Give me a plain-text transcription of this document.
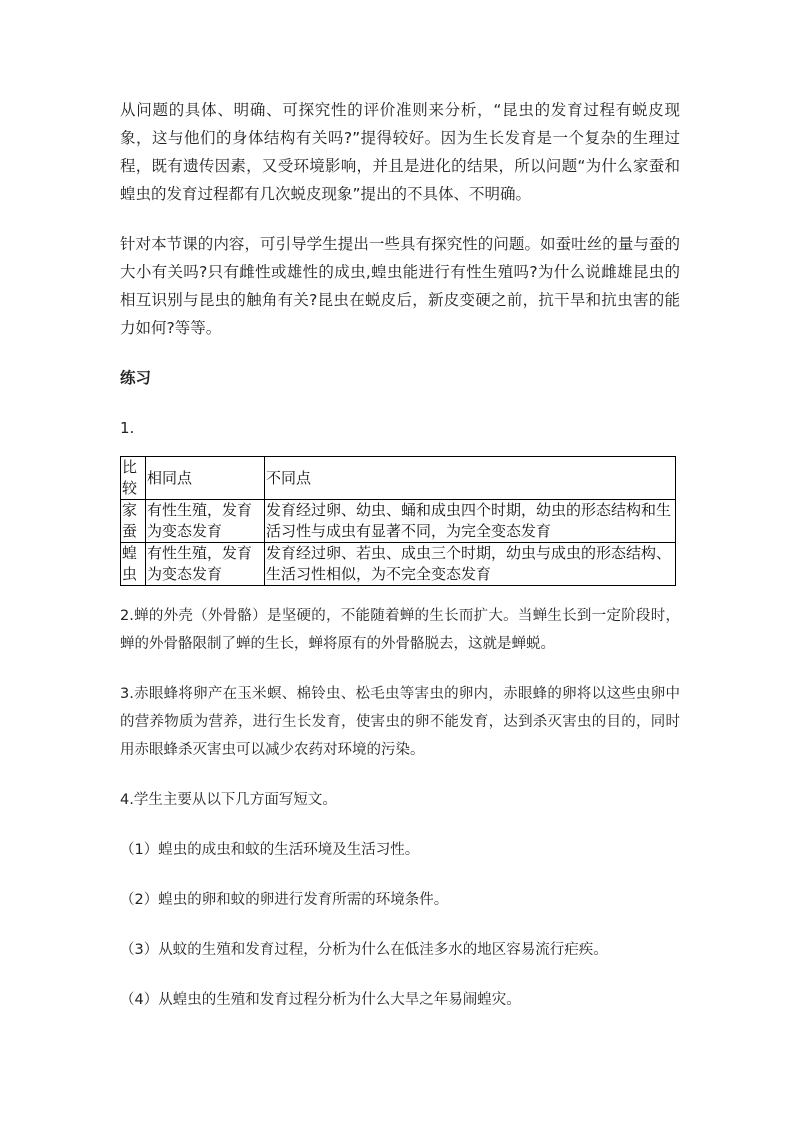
从问题的具体、明确、可探究性的评价准则来分析，“昆虫的发育过程有蜕皮现象，这与他们的身体结构有关吗?”提得较好。因为生长发育是一个复杂的生理过程，既有遗传因素，又受环境影响，并且是进化的结果，所以问题“为什么家蚕和蝗虫的发育过程都有几次蜕皮现象”提出的不具体、不明确。

针对本节课的内容，可引导学生提出一些具有探究性的问题。如蚕吐丝的量与蚕的大小有关吗?只有雌性或雄性的成虫,蝗虫能进行有性生殖吗?为什么说雌雄昆虫的相互识别与昆虫的触角有关?昆虫在蜕皮后，新皮变硬之前，抗干旱和抗虫害的能力如何?等等。

练习

1.

比较	相同点	不同点
家蚕	有性生殖，发育为变态发育	发育经过卵、幼虫、蛹和成虫四个时期，幼虫的形态结构和生活习性与成虫有显著不同，为完全变态发育
蝗虫	有性生殖，发育为变态发育	发育经过卵、若虫、成虫三个时期，幼虫与成虫的形态结构、生活习性相似，为不完全变态发育

2.蝉的外壳（外骨骼）是坚硬的，不能随着蝉的生长而扩大。当蝉生长到一定阶段时，蝉的外骨骼限制了蝉的生长，蝉将原有的外骨骼脱去，这就是蝉蜕。

3.赤眼蜂将卵产在玉米螟、棉铃虫、松毛虫等害虫的卵内，赤眼蜂的卵将以这些虫卵中的营养物质为营养，进行生长发育，使害虫的卵不能发育，达到杀灭害虫的目的，同时用赤眼蜂杀灭害虫可以减少农药对环境的污染。

4.学生主要从以下几方面写短文。

（1）蝗虫的成虫和蚊的生活环境及生活习性。

（2）蝗虫的卵和蚊的卵进行发育所需的环境条件。

（3）从蚊的生殖和发育过程，分析为什么在低洼多水的地区容易流行疟疾。

（4）从蝗虫的生殖和发育过程分析为什么大旱之年易闹蝗灾。
